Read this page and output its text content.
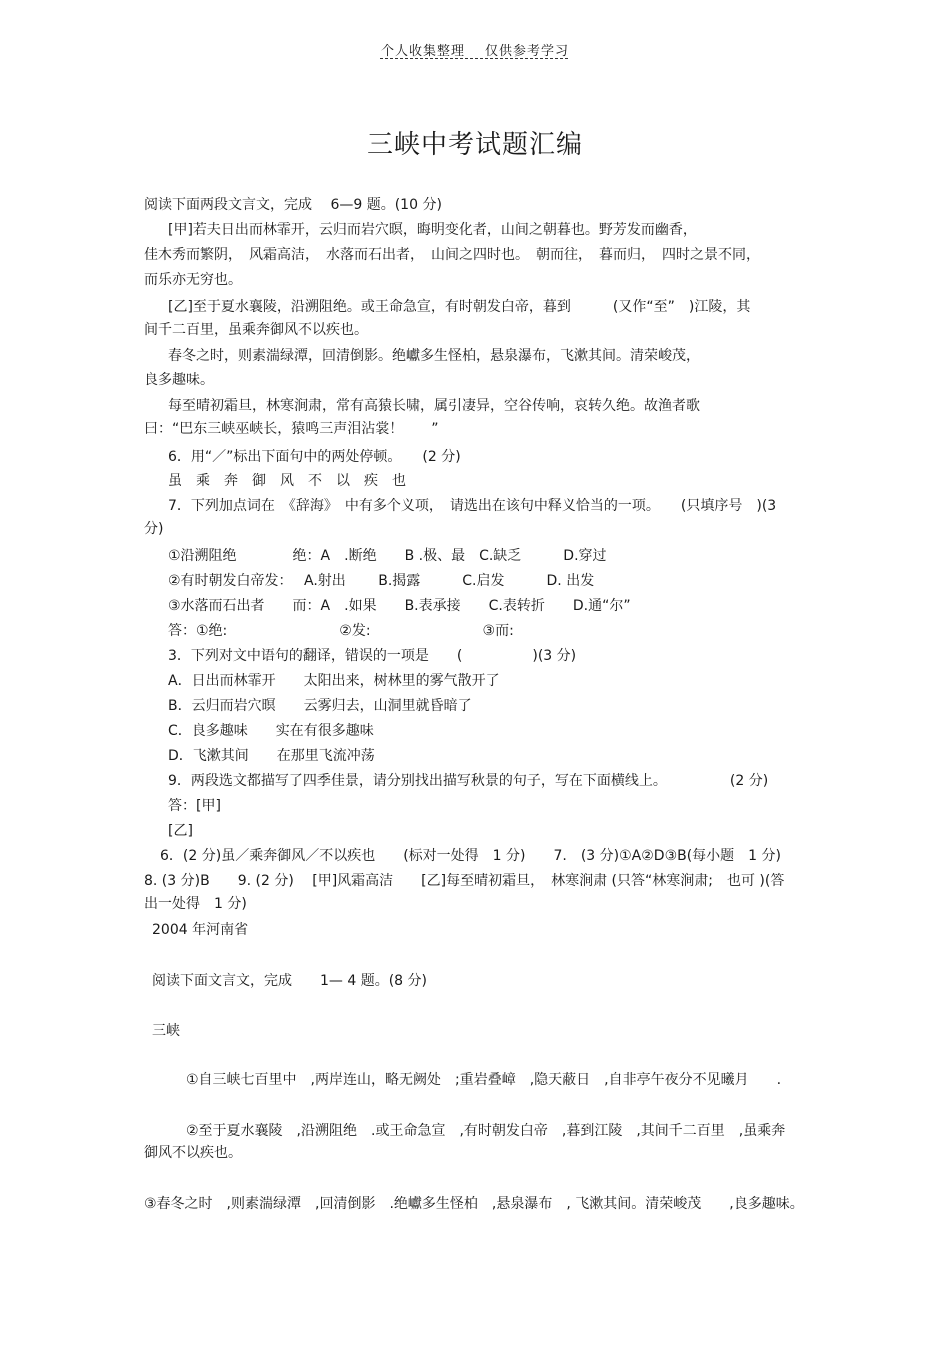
个人收集整理 仅供参考学习
三峡中考试题汇编
阅读下面两段文言文，完成　 6—9 题。(10 分)
[甲]若夫日出而林霏开，云归而岩穴暝，晦明变化者，山间之朝暮也。野芳发而幽香，
佳木秀而繁阴，　风霜高洁，　水落而石出者，　山间之四时也。　朝而往，　暮而归，　四时之景不同，
而乐亦无穷也。
[乙]至于夏水襄陵，沿溯阻绝。或王命急宣，有时朝发白帝，暮到　　　(又作“至”　)江陵，其
间千二百里，虽乘奔御风不以疾也。
春冬之时，则素湍绿潭，回清倒影。绝巘多生怪柏，悬泉瀑布，飞漱其间。清荣峻茂，
良多趣味。
每至晴初霜旦，林寒涧肃，常有高猿长啸，属引凄异，空谷传响，哀转久绝。故渔者歌
曰：“巴东三峡巫峡长，猿鸣三声泪沾裳！　　”
6．用“／”标出下面句中的两处停顿。　　(2 分)
虽　乘　奔　御　风　不　以　疾　也
7．下列加点词在　《辞海》　中有多个义项，　请选出在该句中释义恰当的一项。　　(只填序号　)(3
分)
①沿溯阻绝　　　　绝：A　.断绝　　B .极、最　C.缺乏　　　D.穿过
②有时朝发白帝发：　 A.射出　　 B.揭露　　　C.启发　　　D. 出发
③水落而石出者　　而：A　.如果　　B.表承接　　C.表转折　　D.通“尔”
答：①绝:　　　　　　　　②发:　　　　　　　　③而:
3．下列对文中语句的翻译，错误的一项是　　(　　　　　)(3 分)
A．日出而林霏开　　太阳出来，树林里的雾气散开了
B．云归而岩穴暝　　云雾归去，山洞里就昏暗了
C．良多趣味　　实在有很多趣味
D．飞漱其间　　在那里飞流冲荡
9．两段选文都描写了四季佳景，请分别找出描写秋景的句子，写在下面横线上。　　　　　(2 分)
答：[甲]
[乙]
6．(2 分)虽／乘奔御风／不以疾也　　(标对一处得　1 分)　　7.　(3 分)①A②D③B(每小题　1 分)
8. (3 分)B　　9. (2 分)　 [甲]风霜高洁　　[乙]每至晴初霜旦，　林寒涧肃 (只答“林寒涧肃;　也可 )(答
出一处得　1 分)
2004 年河南省
阅读下面文言文，完成　　1— 4 题。(8 分)
三峡
①自三峡七百里中　,两岸连山，略无阙处　;重岩叠嶂　,隐天蔽日　,自非亭午夜分不见曦月　　.
②至于夏水襄陵　,沿溯阻绝　.或王命急宣　,有时朝发白帝　,暮到江陵　,其间千二百里　,虽乘奔
御风不以疾也。
③春冬之时　,则素湍绿潭　,回清倒影　.绝巘多生怪柏　,悬泉瀑布　, 飞漱其间。清荣峻茂　　,良多趣味。
